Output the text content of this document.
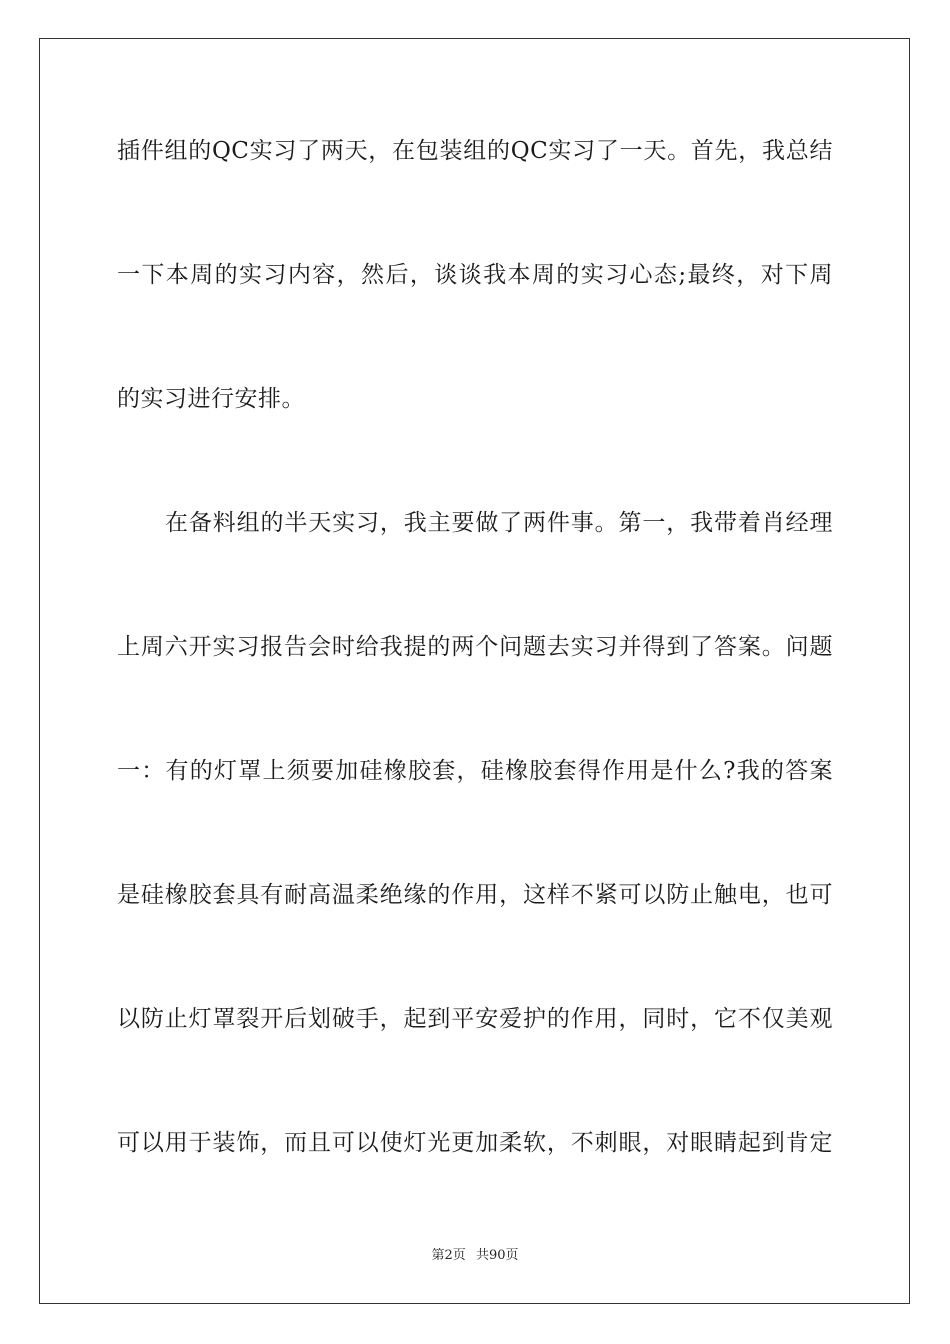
插件组的QC实习了两天，在包装组的QC实习了一天。首先，我总结
一下本周的实习内容，然后，谈谈我本周的实习心态;最终，对下周
的实习进行安排。
在备料组的半天实习，我主要做了两件事。第一，我带着肖经理
上周六开实习报告会时给我提的两个问题去实习并得到了答案。问题
一：有的灯罩上须要加硅橡胶套，硅橡胶套得作用是什么?我的答案
是硅橡胶套具有耐高温柔绝缘的作用，这样不紧可以防止触电，也可
以防止灯罩裂开后划破手，起到平安爱护的作用，同时，它不仅美观
可以用于装饰，而且可以使灯光更加柔软，不刺眼，对眼睛起到肯定
第2页 共90页
